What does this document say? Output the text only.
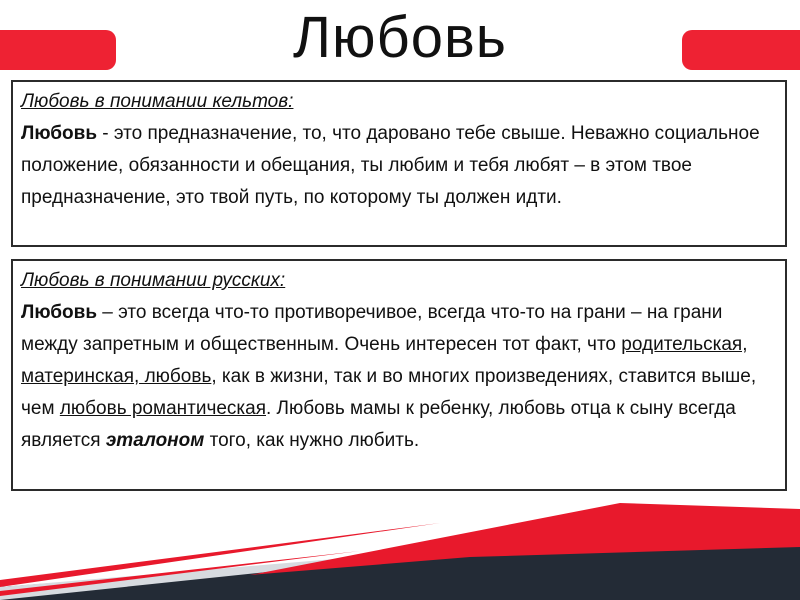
Любовь
Любовь в понимании кельтов:
Любовь - это предназначение, то, что даровано тебе свыше. Неважно социальное положение, обязанности и обещания, ты любим и тебя любят – в этом твое предназначение, это твой путь, по которому ты должен идти.
Любовь в понимании русских:
Любовь – это всегда что-то противоречивое, всегда что-то на грани – на грани между запретным и общественным. Очень интересен тот факт, что родительская, материнская, любовь, как в жизни, так и во многих произведениях, ставится выше, чем любовь романтическая. Любовь мамы к ребенку, любовь отца к сыну всегда является эталоном того, как нужно любить.
